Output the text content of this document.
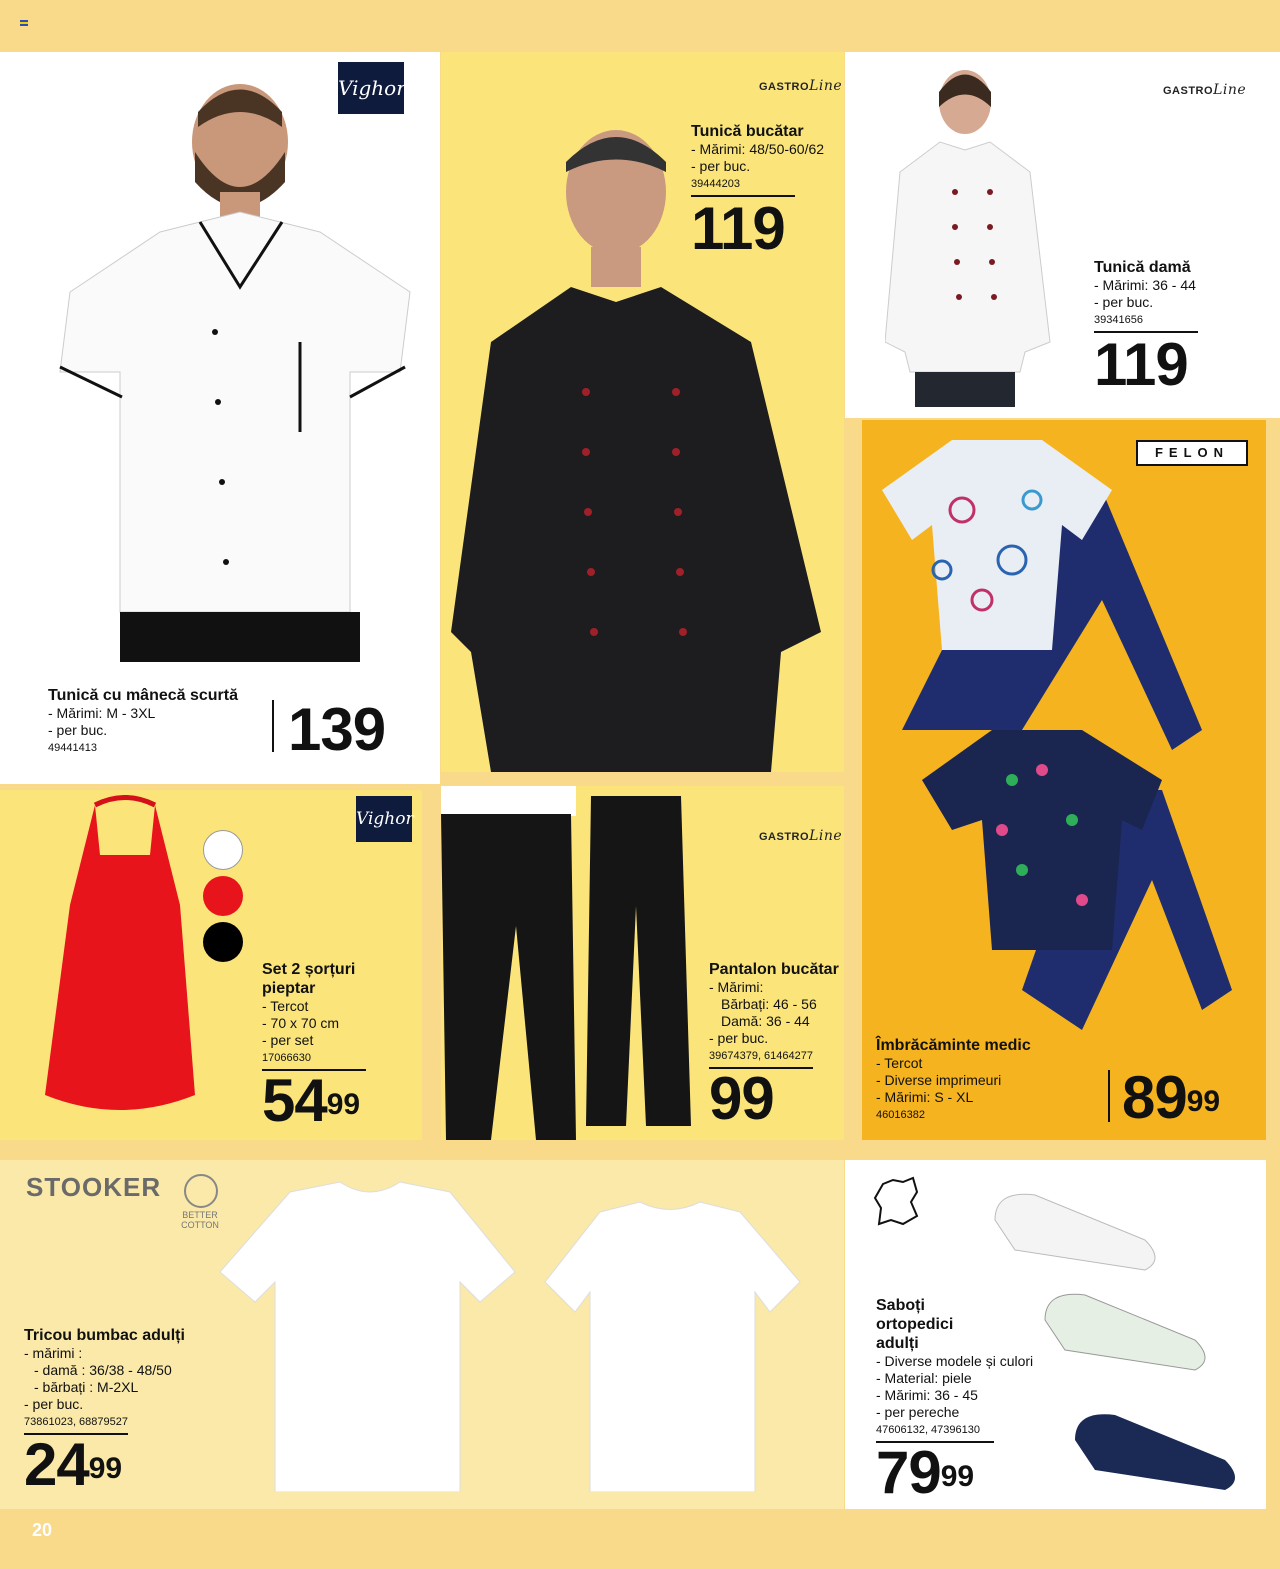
Vighor
Tunică cu mânecă scurtă
- Mărimi: M - 3XL
- per buc.
49441413	139
GASTROLine
Tunică bucătar
- Mărimi: 48/50-60/62
- per buc.
39444203
119
GASTROLine
Tunică damă
- Mărimi: 36 - 44
- per buc.
39341656
119
FELON
Îmbrăcăminte medic
- Tercot
- Diverse imprimeuri
- Mărimi: S - XL
46016382	$89^{99}$
Vighor
Set 2 șorțuri pieptar
- Tercot
- 70 x 70 cm
- per set
17066630
$54^{99}$
GASTROLine
Pantalon bucătar
- Mărimi:
Bărbați: 46 - 56
Damă: 36 - 44
- per buc.
39674379, 61464277
99
STOOKER
BETTER COTTON
Tricou bumbac adulți
- mărimi :
- damă : 36/38 - 48/50
- bărbați : M-2XL
- per buc.
73861023, 68879527
$24^{99}$
Saboți ortopedici adulți
- Diverse modele și culori
- Material: piele
- Mărimi: 36 - 45
- per pereche
47606132, 47396130
$79^{99}$
20
